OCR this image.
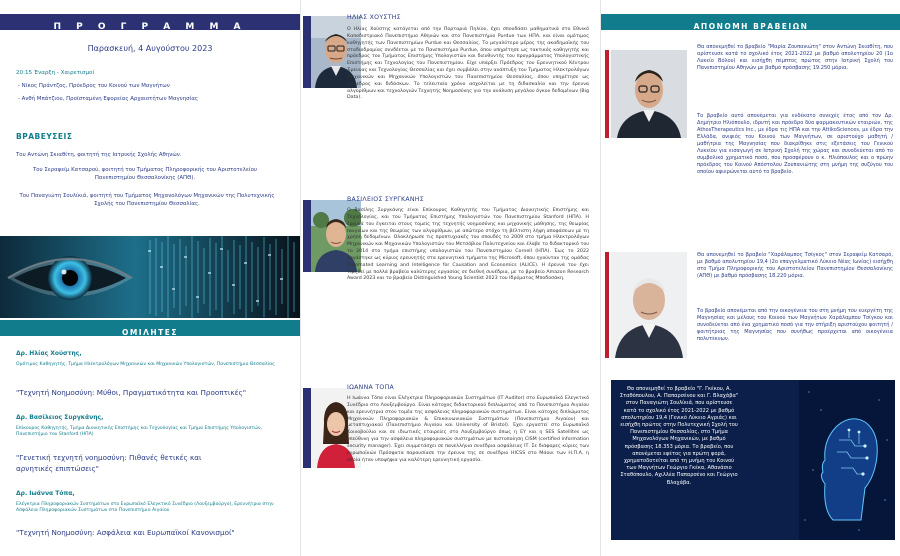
Π Ρ Ο Γ Ρ Α Μ Μ Α
Παρασκευή, 4 Αυγούστου 2023
20:15 Έναρξη - Χαιρετισμοί
- Νίκος Πράντζος, Πρόεδρος του Κοινού των Μαγνήτων
- Ανθή Μπάτζιου, Προϊσταμένη Εφορείας Αρχαιοτήτων Μαγνησίας
ΒΡΑΒΕΥΣΕΙΣ
Του Αντώνη Σκιαθίτη, φοιτητή της Ιατρικής Σχολής Αθηνών.
Του Σεραφείμ Κατσαρού, φοιτητή του Τμήματος Πληροφορικής του Αριστοτελείου Πανεπιστημίου Θεσσαλονίκης (ΑΠΘ).
Του Παναγιώτη Σουλίκιά, φοιτητή του Τμήματος Μηχανολόγων Μηχανικών της Πολυτεχνικής Σχολής του Πανεπιστημίου Θεσσαλίας.
ΟΜΙΛΗΤΕΣ
Δρ. Ηλίας Χούστης,
Ομότιμος Καθηγητής, Τμήμα Ηλεκτρολόγων Μηχανικών και Μηχανικών Υπολογιστών, Πανεπιστήμιο Θεσσαλίας
"Τεχνητή Νοημοσύνη: Μύθοι, Πραγματικότητα και Προοπτικές"
Δρ. Βασίλειος Συργκάνης,
Επίκουρος Καθηγητής, Τμήμα Διοικητικής Επιστήμης και Τεχνολογίας και Τμήμα Επιστήμης Υπολογιστών, Πανεπιστήμιο του Stanford (ΗΠΑ)
"Γενετική τεχνητή νοημοσύνη: Πιθανές θετικές και αρνητικές επιπτώσεις"
Δρ. Ιωάννα Τόπα,
Ελέγκτρια Πληροφοριακών Συστημάτων στο Ευρωπαϊκό Ελεγκτικό Συνέδριο (Λουξεμβούργο), Ερευνήτρια στην Ασφάλεια Πληροφοριακών Συστημάτων στο Πανεπιστήμιο Αιγαίου
"Τεχνητή Νοημοσύνη: Ασφάλεια και Ευρωπαϊκοί Κανονισμοί"
ΗΛΙΑΣ ΧΟΥΣΤΗΣ
Ο Ηλίας Χούστης κατάγεται από την Πορταριά Πηλίου, έχει σπουδάσει μαθηματικά στο Εθνικό Καποδιστριακό Πανεπιστήμιο Αθηνών και στο Πανεπιστήμιο Purdue των ΗΠΑ, και είναι ομότιμος καθηγητής των Πανεπιστημίων Purdue και Θεσσαλίας. Το μεγαλύτερο μέρος της ακαδημαϊκής του σταδιοδρομίας συνδέεται με το Πανεπιστήμιο Purdue, όπου υπηρέτησε ως τακτικός καθηγητής και πρόεδρος του Τμήματος Επιστήμης Υπολογιστών και διευθυντής του προγράμματος Υπολογιστικής Επιστήμης και Τεχνολογίας του Πανεπιστημίου. Είχε υπάρξει Πρόεδρος του Ερευνητικού Κέντρου Έρευνας και Τεχνολογίας Θεσσαλίας και έχει συμβάλει στην ανάπτυξη του Τμήματος Ηλεκτρολόγων Μηχανικών και Μηχανικών Υπολογιστών του Πανεπιστημίου Θεσσαλίας, όπου υπηρέτησε ως Πρόεδρος και διδάσκων. Το τελευταίο χρόνο ασχολείται με τη διδασκαλία και την έρευνα αλγορίθμων και τεχνολογιών Τεχνητής Νοημοσύνης για την ανάλυση μεγάλου όγκου δεδομένων (Big Data).
ΒΑΣΙΛΕΙΟΣ ΣΥΡΓΚΑΝΗΣ
Ο Βασίλης Συργκάνης είναι Επίκουρος Καθηγητής του Τμήματος Διοικητικής Επιστήμης και Τεχνολογίας, και του Τμήματος Επιστήμης Υπολογιστών του Πανεπιστημίου Stanford (ΗΠΑ). Η έρευνά του έγκειται στους τομείς της τεχνητής νοημοσύνης και μηχανικής μάθησης, της θεωρίας παιγνίων και της θεωρίας των αλγορίθμων, με απώτερο στόχο τη βέλτιστη λήψη αποφάσεων με τη χρήση δεδομένων. Ολοκλήρωσε τις προπτυχιακές του σπουδές το 2009 στο τμήμα Ηλεκτρολόγων Μηχανικών και Μηχανικών Υπολογιστών του Μετσόβιου Πολυτεχνείου και έλαβε το διδακτορικό του το 2014 στο τμήμα επιστήμης υπολογιστών του Πανεπιστημίου Cornell (ΗΠΑ). Έως το 2022 εργάστηκε ως κύριος ερευνητής στα ερευνητικά τμήματα της Microsoft, όπου ηγούνταν της ομάδας Automated Learning and Intelligence for Causation and Economics (ALICE). Η έρευνά του έχει τιμηθεί με πολλά βραβεία καλύτερης εργασίας σε διεθνή συνέδρια, με το βραβείο Amazon Research Award 2023 και το βραβείο Distinguished Young Scientist 2023 του Ιδρύματος Μποδοσάκη.
ΙΩΑΝΝΑ ΤΟΠΑ
Η Ιωάννα Τόπα είναι Ελέγκτρια Πληροφοριακών Συστημάτων (IT Auditor) στο Ευρωπαϊκό Ελεγκτικό Συνέδριο στο Λουξεμβούργο. Είναι κάτοχος διδακτορικού διπλώματος από το Πανεπιστήμιο Αιγαίου και ερευνήτρια στον τομέα της ασφάλειας πληροφοριακών συστημάτων. Είναι κάτοχος διπλώματος Μηχανικών Πληροφοριακών & Επικοινωνιακών Συστημάτων (Πανεπιστήμιο Αιγαίου) και μεταπτυχιακού (Πανεπιστήμιο Αιγαίου και University of Bristol). Έχει εργαστεί στο Ευρωπαϊκό Κοινοβούλιο και σε ιδιωτικές εταιρείες στο Λουξεμβούργο όπως η EY και η SES Satellites ως υπεύθυνη για την ασφάλεια πληροφοριακών συστημάτων με πιστοποίηση CISM (certified information security manager). Έχει συμμετάσχει σε πανελλήνια συνέδρια ασφάλειας ΙΤ. Σε διάφορες κύριες των ευρωπαϊκών Πρόσφατα παρουσίασε την έρευνα της σε συνέδριο HICSS στο Μάουι των Η.Π.Α. η οποία ήταν υποψήφια για καλύτερη ερευνητική εργασία.
ΑΠΟΝΟΜΗ ΒΡΑΒΕΙΩΝ
Θα απονεμηθεί το βραβείο "Μαρία Ζουπανιώτη" στον Αντώνη Σκιαθίτη, που αρίστευσε κατά το σχολικό έτος 2021-2022 με βαθμό απολυτηρίου 20 (1ο Λυκείο Βόλου) και εισήχθη πέμπτος πρώτος στην Ιατρική Σχολή του Πανεπιστημίου Αθηνών με βαθμό πρόσβασης 19.250 μόρια.
Το βραβείο αυτό απονέμεται για ενδέκατο συνεχές έτος από τον Δρ. Δημήτριο Ηλιόπουλο, ιδρυτή και πρόεδρο δύο φαρμακευτικών εταιριών, της AthosTherapeutics Inc., με έδρα τις ΗΠΑ και την AttikoSciences, με έδρα την Ελλάδα, ανιψιός του Κοινού των Μαγνήτων, σε αριστούχο μαθητή / μαθήτρια της Μαγνησίας που διακρίθηκε στις εξετάσεις του Γενικού Λυκείου για εισαγωγή σε Ιατρική Σχολή της χώρας και συνοδεύεται από το συμβολικό χρηματικό ποσό, που προσφέρουν ο κ. Ηλιόπουλος και ο πρώην πρόεδρος του Κοινού Απόστολου Ζουπανιώτης στη μνήμη της συζύγου του οποίου αφιερώνεται αυτό το βραβείο.
Θα απονεμηθεί το βραβείο "Χαράλαμπος Τσίγκος" στον Σεραφείμ Κατσαρό, με βαθμό απολυτηρίου 19,4 (2ο επαγγελματικό Λύκειο Νέας Ιωνίας) εισήχθη στο Τμήμα Πληροφορικής του Αριστοτελείου Πανεπιστημίου Θεσσαλονίκης (ΑΠΘ) με βαθμό πρόσβασης 18.220 μόρια.
Το βραβείο απονέμεται από την οικογένεια του στη μνήμη του ευεργέτη της Μαγνησίας και μέλους του Κοινού των Μαγνήτων Χαράλαμπου Τσίγκου και συνοδεύεται από ένα χρηματικό ποσό για την στήριξη αριστούχου φοιτητή / φοιτήτριας της Μαγνησίας που συνήθως προέρχεται από οικογένεια πολυτέκνων.
Θα απονεμηθεί το βραβείο "Γ. Γκέκου, Α. Σταθόπουλου, Α. Παπαρσένου και Γ. Βλαχάβα" στον Παναγιώτη Σουλίκιά, που αρίστευσε κατά το σχολικό έτος 2021-2022 με βαθμό απολυτηρίου 19,4 (Γενικό Λύκειο Αγριάς) και εισήχθη πρώτος στην Πολυτεχνική Σχολή του Πανεπιστημίου Θεσσαλίας, στο Τμήμα Μηχανολόγων Μηχανικών, με βαθμό πρόσβασης 18.353 μόρια. Το βραβείο, που απονέμεται εφέτος για πρώτη φορά, χρηματοδοτείται από τη μνήμη του Κοινού των Μαγνήτων Γεώργιο Γκέκα, Αθανάσιο Σταθόπουλο, Αχιλλέα Παπαρσένο και Γεώργιο Βλαχάβα.
